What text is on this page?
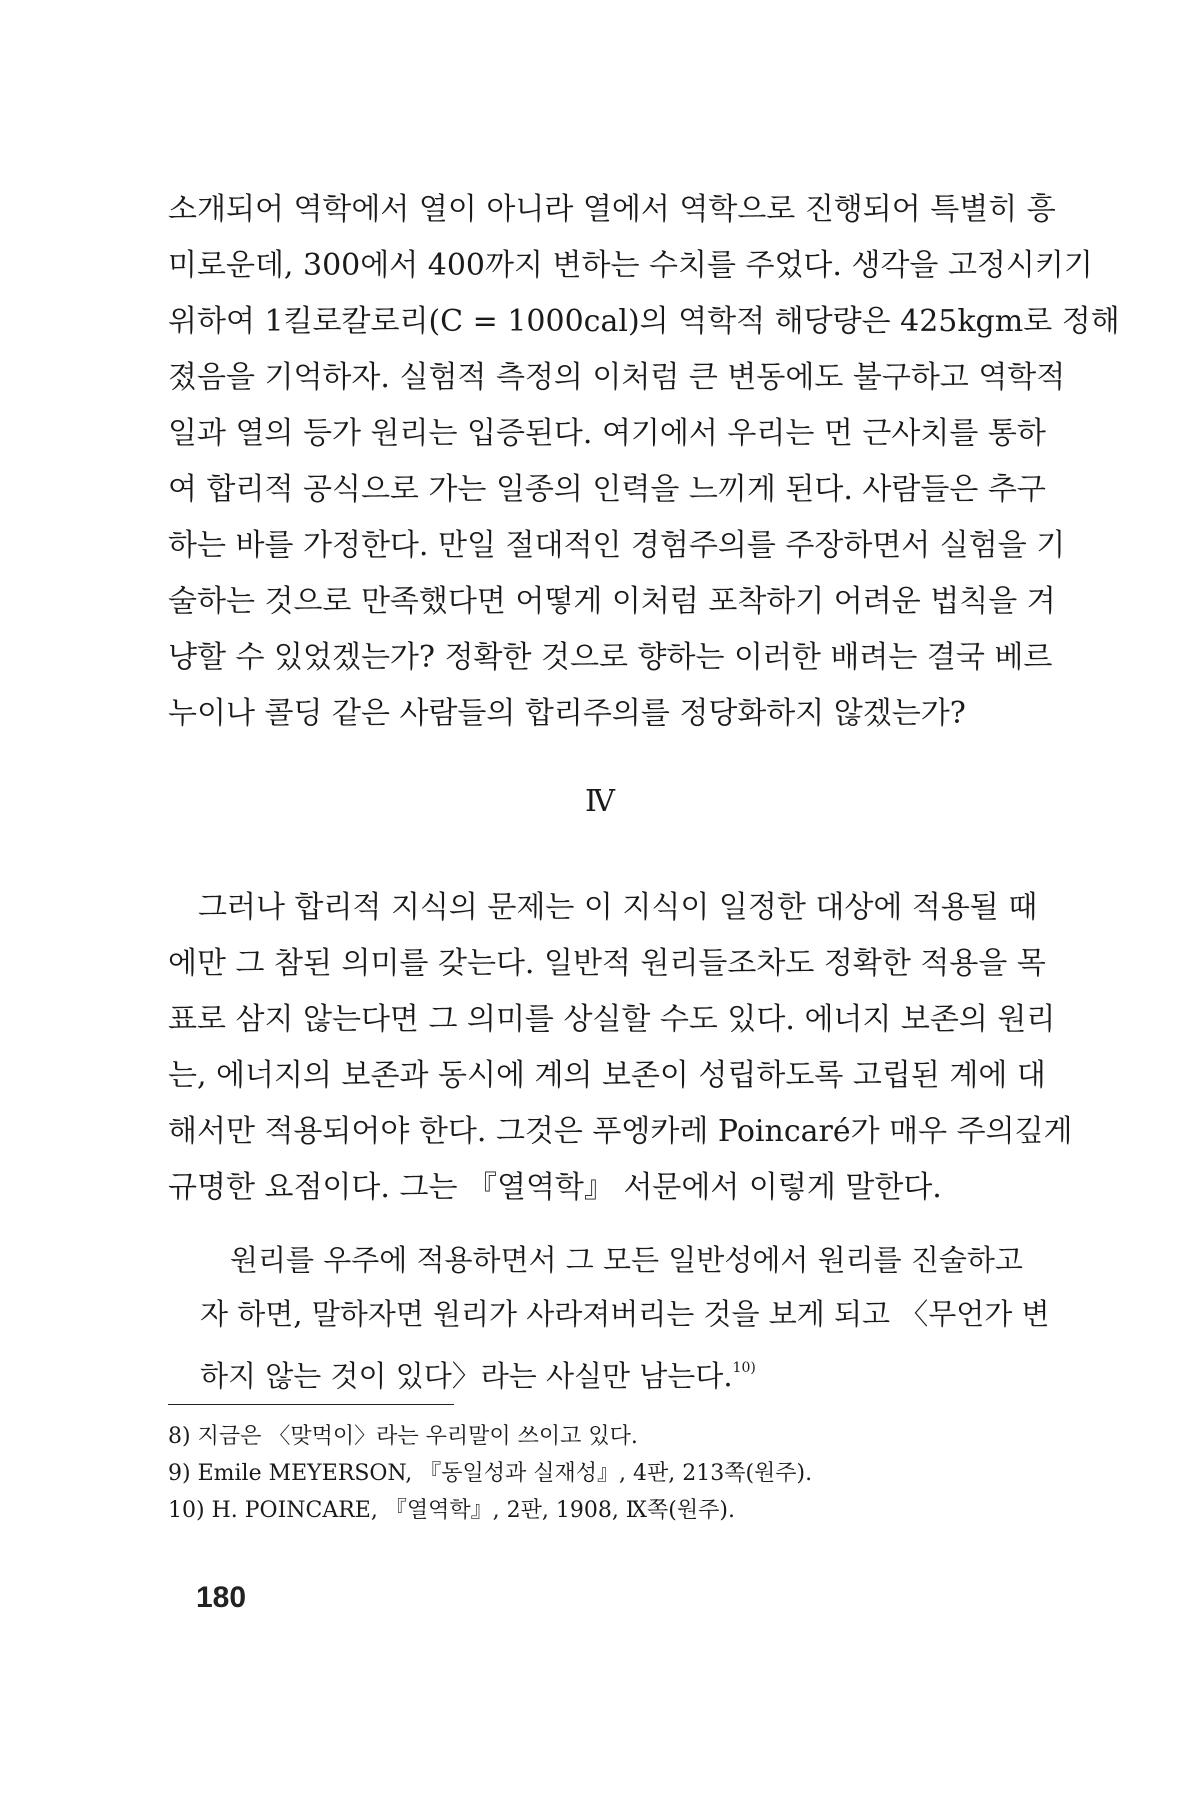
소개되어 역학에서 열이 아니라 열에서 역학으로 진행되어 특별히 흥
미로운데, 300에서 400까지 변하는 수치를 주었다. 생각을 고정시키기
위하여 1킬로칼로리(C = 1000cal)의 역학적 해당량은 425kgm로 정해
졌음을 기억하자. 실험적 측정의 이처럼 큰 변동에도 불구하고 역학적
일과 열의 등가 원리는 입증된다. 여기에서 우리는 먼 근사치를 통하
여 합리적 공식으로 가는 일종의 인력을 느끼게 된다. 사람들은 추구
하는 바를 가정한다. 만일 절대적인 경험주의를 주장하면서 실험을 기
술하는 것으로 만족했다면 어떻게 이처럼 포착하기 어려운 법칙을 겨
냥할 수 있었겠는가? 정확한 것으로 향하는 이러한 배려는 결국 베르
누이나 콜딩 같은 사람들의 합리주의를 정당화하지 않겠는가?
Ⅳ
그러나 합리적 지식의 문제는 이 지식이 일정한 대상에 적용될 때
에만 그 참된 의미를 갖는다. 일반적 원리들조차도 정확한 적용을 목
표로 삼지 않는다면 그 의미를 상실할 수도 있다. 에너지 보존의 원리
는, 에너지의 보존과 동시에 계의 보존이 성립하도록 고립된 계에 대
해서만 적용되어야 한다. 그것은 푸엥카레 Poincaré가 매우 주의깊게
규명한 요점이다. 그는 『열역학』 서문에서 이렇게 말한다.
원리를 우주에 적용하면서 그 모든 일반성에서 원리를 진술하고
자 하면, 말하자면 원리가 사라져버리는 것을 보게 되고 〈무언가 변
하지 않는 것이 있다〉라는 사실만 남는다.$^{10)}$
8) 지금은 〈맞먹이〉라는 우리말이 쓰이고 있다.
9) Emile MEYERSON, 『동일성과 실재성』, 4판, 213쪽(원주).
10) H. POINCARE, 『열역학』, 2판, 1908, Ⅸ쪽(원주).
180
